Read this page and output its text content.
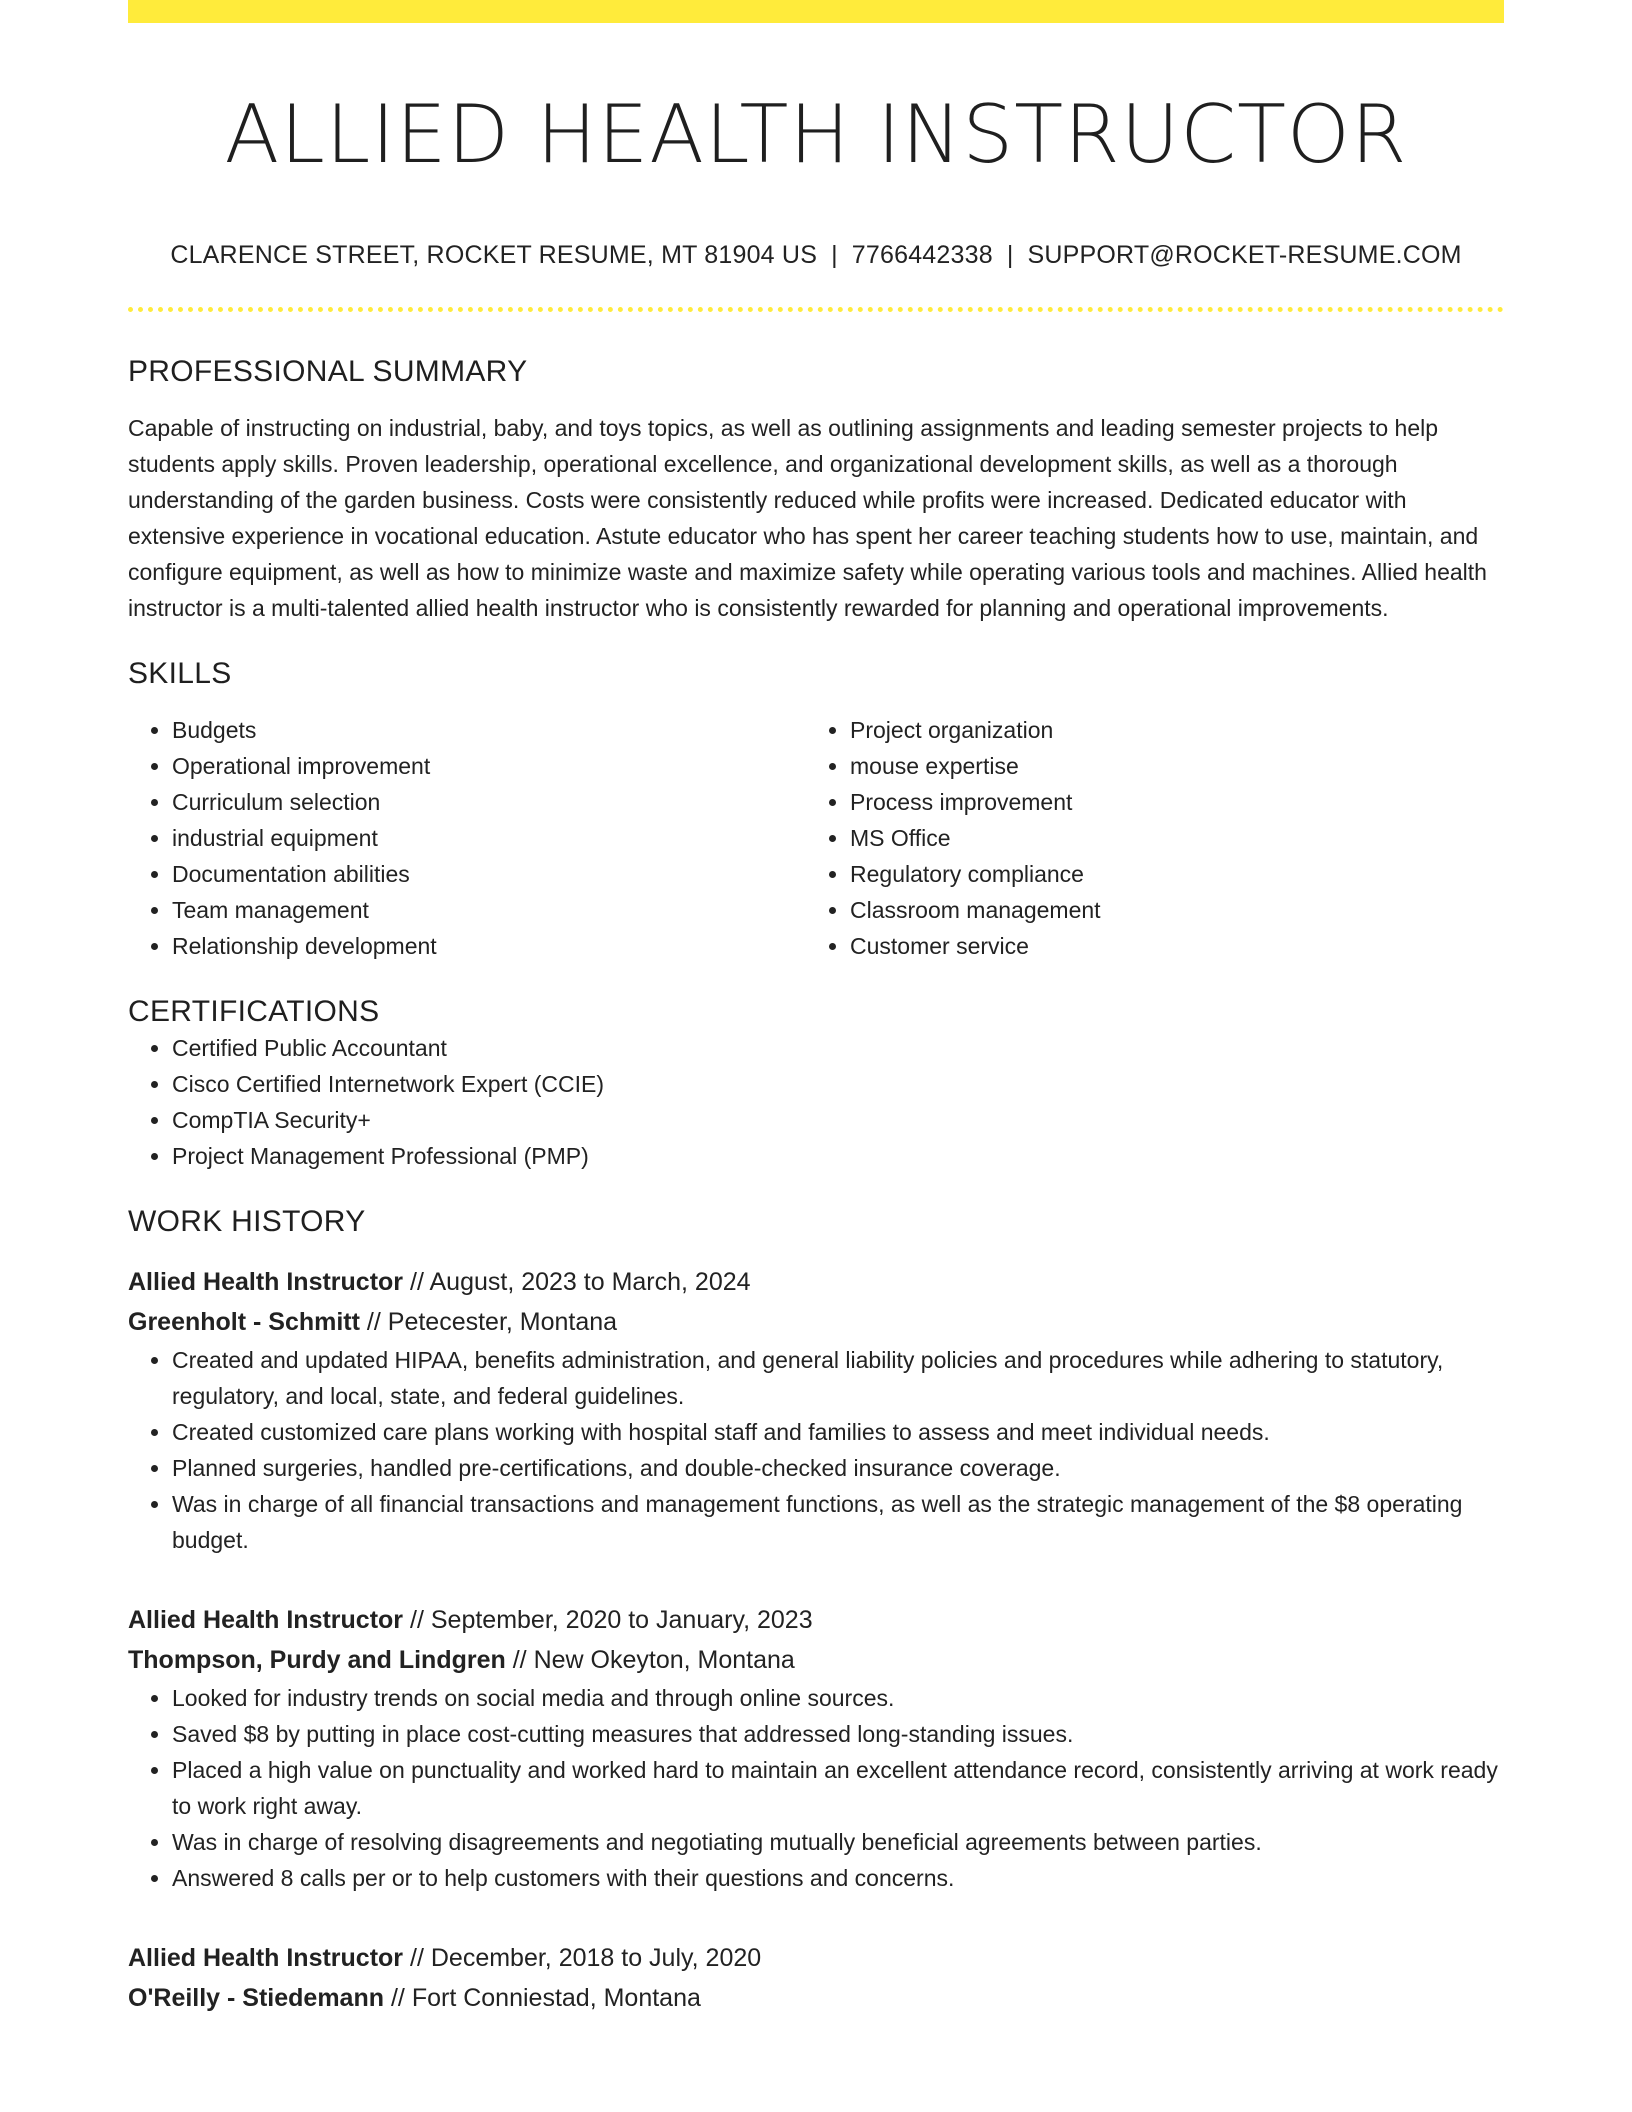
ALLIED HEALTH INSTRUCTOR
CLARENCE STREET, ROCKET RESUME, MT 81904 US | 7766442338 | SUPPORT@ROCKET-RESUME.COM
PROFESSIONAL SUMMARY
Capable of instructing on industrial, baby, and toys topics, as well as outlining assignments and leading semester projects to help students apply skills. Proven leadership, operational excellence, and organizational development skills, as well as a thorough understanding of the garden business. Costs were consistently reduced while profits were increased. Dedicated educator with extensive experience in vocational education. Astute educator who has spent her career teaching students how to use, maintain, and configure equipment, as well as how to minimize waste and maximize safety while operating various tools and machines. Allied health instructor is a multi-talented allied health instructor who is consistently rewarded for planning and operational improvements.
SKILLS
• Budgets
• Operational improvement
• Curriculum selection
• industrial equipment
• Documentation abilities
• Team management
• Relationship development
• Project organization
• mouse expertise
• Process improvement
• MS Office
• Regulatory compliance
• Classroom management
• Customer service
CERTIFICATIONS
• Certified Public Accountant
• Cisco Certified Internetwork Expert (CCIE)
• CompTIA Security+
• Project Management Professional (PMP)
WORK HISTORY
Allied Health Instructor // August, 2023 to March, 2024
Greenholt - Schmitt // Petecester, Montana
• Created and updated HIPAA, benefits administration, and general liability policies and procedures while adhering to statutory, regulatory, and local, state, and federal guidelines.
• Created customized care plans working with hospital staff and families to assess and meet individual needs.
• Planned surgeries, handled pre-certifications, and double-checked insurance coverage.
• Was in charge of all financial transactions and management functions, as well as the strategic management of the $8 operating budget.
Allied Health Instructor // September, 2020 to January, 2023
Thompson, Purdy and Lindgren // New Okeyton, Montana
• Looked for industry trends on social media and through online sources.
• Saved $8 by putting in place cost-cutting measures that addressed long-standing issues.
• Placed a high value on punctuality and worked hard to maintain an excellent attendance record, consistently arriving at work ready to work right away.
• Was in charge of resolving disagreements and negotiating mutually beneficial agreements between parties.
• Answered 8 calls per or to help customers with their questions and concerns.
Allied Health Instructor // December, 2018 to July, 2020
O'Reilly - Stiedemann // Fort Conniestad, Montana
